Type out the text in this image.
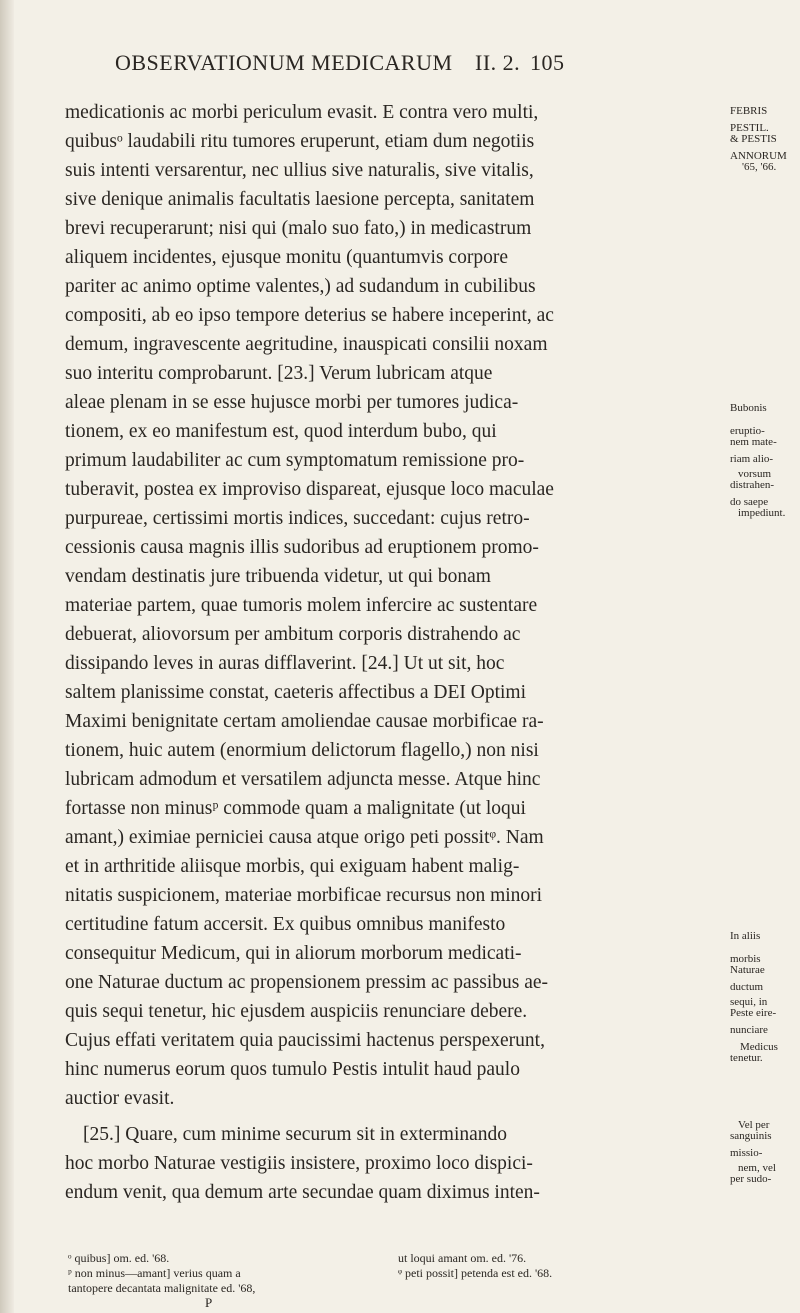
OBSERVATIONUM MEDICARUM II. 2. 105
medicationis ac morbi periculum evasit. E contra vero multi,
quibusᵒ laudabili ritu tumores eruperunt, etiam dum negotiis
suis intenti versarentur, nec ullius sive naturalis, sive vitalis,
sive denique animalis facultatis laesione percepta, sanitatem
brevi recuperarunt; nisi qui (malo suo fato,) in medicastrum
aliquem incidentes, ejusque monitu (quantumvis corpore
pariter ac animo optime valentes,) ad sudandum in cubilibus
compositi, ab eo ipso tempore deterius se habere inceperint, ac
demum, ingravescente aegritudine, inauspicati consilii noxam
suo interitu comprobarunt. [23.] Verum lubricam atque
aleae plenam in se esse hujusce morbi per tumores judica-
tionem, ex eo manifestum est, quod interdum bubo, qui
primum laudabiliter ac cum symptomatum remissione pro-
tuberavit, postea ex improviso dispareat, ejusque loco maculae
purpureae, certissimi mortis indices, succedant: cujus retro-
cessionis causa magnis illis sudoribus ad eruptionem promo-
vendam destinatis jure tribuenda videtur, ut qui bonam
materiae partem, quae tumoris molem infercire ac sustentare
debuerat, aliovorsum per ambitum corporis distrahendo ac
dissipando leves in auras difflaverint. [24.] Ut ut sit, hoc
saltem planissime constat, caeteris affectibus a DEI Optimi
Maximi benignitate certam amoliendae causae morbificae ra-
tionem, huic autem (enormium delictorum flagello,) non nisi
lubricam admodum et versatilem adjuncta messe. Atque hinc
fortasse non minusᵖ commode quam a malignitate (ut loqui
amant,) eximiae perniciei causa atque origo peti possitᵠ. Nam
et in arthritide aliisque morbis, qui exiguam habent malig-
nitatis suspicionem, materiae morbificae recursus non minori
certitudine fatum accersit. Ex quibus omnibus manifesto
consequitur Medicum, qui in aliorum morborum medicati-
one Naturae ductum ac propensionem pressim ac passibus ae-
quis sequi tenetur, hic ejusdem auspiciis renunciare debere.
Cujus effati veritatem quia paucissimi hactenus perspexerunt,
hinc numerus eorum quos tumulo Pestis intulit haud paulo
auctior evasit.
[25.] Quare, cum minime securum sit in exterminando
hoc morbo Naturae vestigiis insistere, proximo loco dispici-
endum venit, qua demum arte secundae quam diximus inten-
FEBRIS
PESTIL.
& PESTIS
ANNORUM
'65, '66.
Bubonis
eruptio-
nem mate-
riam alio-
vorsum
distrahen-
do saepe
impediunt.
In aliis
morbis
Naturae
ductum
sequi, in
Peste eire-
nunciare
Medicus
tenetur.
Vel per
sanguinis
missio-
nem, vel
per sudo-
ᵒ quibus] om. ed. '68.
ᵖ non minus—amant] verius quam a
tantopere decantata malignitate ed. '68,
ut loqui amant om. ed. '76.
ᵠ peti possit] petenda est ed. '68.
P
